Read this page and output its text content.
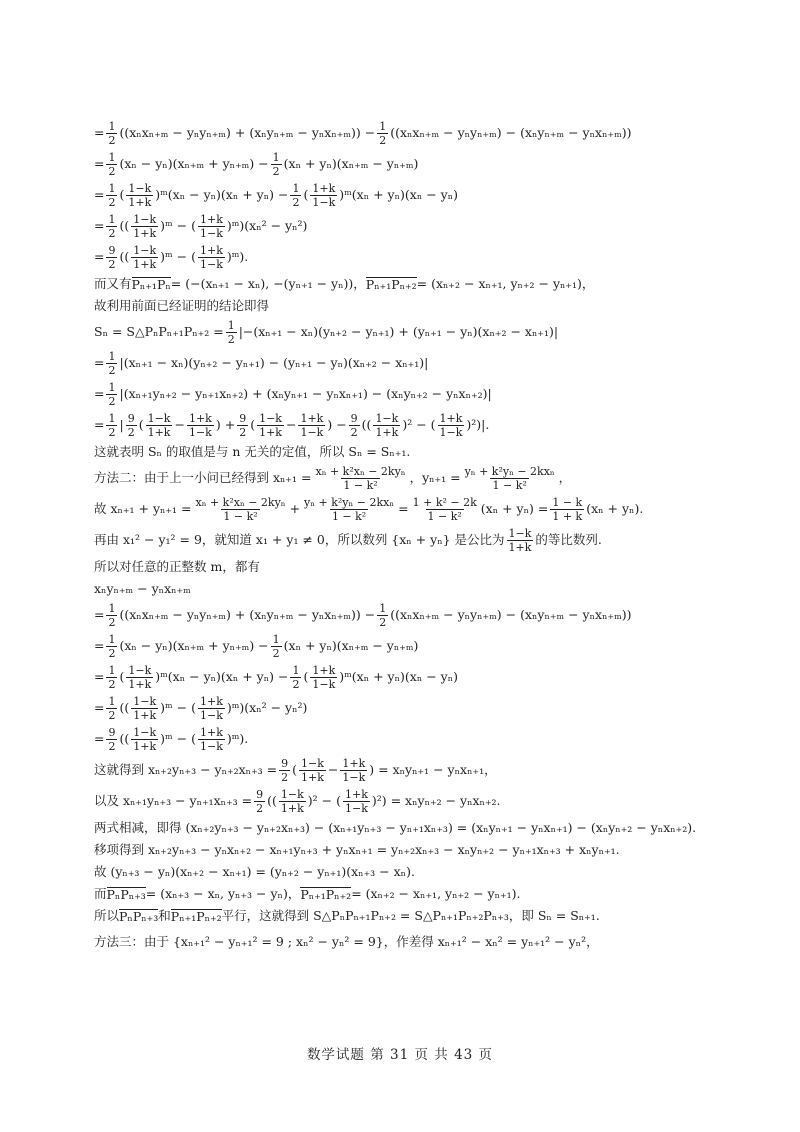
= $\frac{1}{2} ((x_nx_{n+m} - y_ny_{n+m}) + (x_ny_{n+m} - y_nx_{n+m})) - \frac{1}{2} ((x_nx_{n+m} - y_ny_{n+m}) - (x_ny_{n+m} - y_nx_{n+m}))$
= $\frac{1}{2} (x_n - y_n)(x_{n+m} + y_{n+m}) - \frac{1}{2} (x_n + y_n)(x_{n+m} - y_{n+m})$
= $\frac{1}{2}$ ( $\frac{1-k}{1+k}$ )ᵐ(xₙ − $y_n)(x_n + y_n) - \frac{1}{2}$ ( $\frac{1+k}{1-k}$ )ᵐ(xₙ + yₙ)(xₙ − yₙ)
= $\frac{1}{2}$ (( $\frac{1-k}{1+k}$ )ᵐ − ( $\frac{1+k}{1-k}$ )ᵐ)(xₙ² − yₙ²)
= $\frac{9}{2}$ (( $\frac{1-k}{1+k}$ )ᵐ − ( $\frac{1+k}{1-k}$ )ᵐ).
而又有 Pₙ₊₁Pₙ = (−(xₙ₊₁ − xₙ), −(yₙ₊₁ − yₙ))， Pₙ₊₁Pₙ₊₂ = (xₙ₊₂ − xₙ₊₁, yₙ₊₂ − yₙ₊₁)，
故利用前面已经证明的结论即得
Sₙ = S△PₙPₙ₊₁Pₙ₊₂ = $\frac{1}{2} |-(x_{n+1} - x_n)(y_{n+2} - y_{n+1}) + (y_{n+1} - y_n)(x_{n+2} - x_{n+1})|$
= $\frac{1}{2} |(x_{n+1} - x_n)(y_{n+2} - y_{n+1}) - (y_{n+1} - y_n)(x_{n+2} - x_{n+1})|$
= $\frac{1}{2} |(x_{n+1}y_{n+2} - y_{n+1}x_{n+2}) + (x_ny_{n+1} - y_nx_{n+1}) - (x_ny_{n+2} - y_nx_{n+2})|$
= $\frac{1}{2}$ | $\frac{9}{2}$ ( $\frac{1-k}{1+k} - \frac{1+k}{1-k}$ ) + $\frac{9}{2}$ ( $\frac{1-k}{1+k} - \frac{1+k}{1-k}$ ) − $\frac{9}{2}$ (( $\frac{1-k}{1+k} )^2$ − ( $\frac{1+k}{1-k} )^2)|$.
这就表明 Sₙ 的取值是与 n 无关的定值，所以 Sₙ = Sₙ₊₁.
方法二：由于上一小问已经得到 $x_{n+1} = \frac{\text{xₙ + k²xₙ − 2kyₙ}}{\text{1 − k²}}$ ，$y_{n+1} = \frac{\text{yₙ + k²yₙ − 2kxₙ}}{\text{1 − k²}}$ ，
故 $x_{n+1} + y_{n+1} = \frac{\text{xₙ + k²xₙ − 2kyₙ}}{\text{1 − k²}} + \frac{\text{yₙ + k²yₙ − 2kxₙ}}{\text{1 − k²}} = \frac{\text{1 + k² − 2k}}{\text{1 − k²}} (x_n + y_n) = \frac{1 - k}{1 + k} (x_n + y_n)$.
再由 x₁² − y₁² = 9，就知道 x₁ + y₁ ≠ 0，所以数列 {xₙ + yₙ} 是公比为 $\frac{1-k}{1+k}$ 的等比数列.
所以对任意的正整数 m，都有
xₙyₙ₊ₘ − yₙxₙ₊ₘ
= $\frac{1}{2} ((x_nx_{n+m} - y_ny_{n+m}) + (x_ny_{n+m} - y_nx_{n+m})) - \frac{1}{2} ((x_nx_{n+m} - y_ny_{n+m}) - (x_ny_{n+m} - y_nx_{n+m}))$
= $\frac{1}{2} (x_n - y_n)(x_{n+m} + y_{n+m}) - \frac{1}{2} (x_n + y_n)(x_{n+m} - y_{n+m})$
= $\frac{1}{2}$ ( $\frac{1-k}{1+k}$ )ᵐ(xₙ − $y_n)(x_n + y_n) - \frac{1}{2}$ ( $\frac{1+k}{1-k}$ )ᵐ(xₙ + yₙ)(xₙ − yₙ)
= $\frac{1}{2}$ (( $\frac{1-k}{1+k}$ )ᵐ − ( $\frac{1+k}{1-k}$ )ᵐ)(xₙ² − yₙ²)
= $\frac{9}{2}$ (( $\frac{1-k}{1+k}$ )ᵐ − ( $\frac{1+k}{1-k}$ )ᵐ).
这就得到 $x_{n+2}y_{n+3} - y_{n+2}x_{n+3} = \frac{9}{2}$ ( $\frac{1-k}{1+k} - \frac{1+k}{1-k}$ ) = xₙyₙ₊₁ − yₙxₙ₊₁，
以及 $x_{n+1}y_{n+3} - y_{n+1}x_{n+3} = \frac{9}{2}$ (( $\frac{1-k}{1+k} )^2$ − ( $\frac{1+k}{1-k} )^2) = x_ny_{n+2} - y_nx_{n+2}$.
两式相减，即得 (xₙ₊₂yₙ₊₃ − yₙ₊₂xₙ₊₃) − (xₙ₊₁yₙ₊₃ − yₙ₊₁xₙ₊₃) = (xₙyₙ₊₁ − yₙxₙ₊₁) − (xₙyₙ₊₂ − yₙxₙ₊₂).
移项得到 xₙ₊₂yₙ₊₃ − yₙxₙ₊₂ − xₙ₊₁yₙ₊₃ + yₙxₙ₊₁ = yₙ₊₂xₙ₊₃ − xₙyₙ₊₂ − yₙ₊₁xₙ₊₃ + xₙyₙ₊₁.
故 (yₙ₊₃ − yₙ)(xₙ₊₂ − xₙ₊₁) = (yₙ₊₂ − yₙ₊₁)(xₙ₊₃ − xₙ).
而 PₙPₙ₊₃ = (xₙ₊₃ − xₙ, yₙ₊₃ − yₙ)， Pₙ₊₁Pₙ₊₂ = (xₙ₊₂ − xₙ₊₁, yₙ₊₂ − yₙ₊₁).
所以 PₙPₙ₊₃ 和 Pₙ₊₁Pₙ₊₂ 平行，这就得到 S△PₙPₙ₊₁Pₙ₊₂ = S△Pₙ₊₁Pₙ₊₂Pₙ₊₃，即 Sₙ = Sₙ₊₁.
方法三：由于 {xₙ₊₁² − yₙ₊₁² = 9 ; xₙ² − yₙ² = 9}，作差得 xₙ₊₁² − xₙ² = yₙ₊₁² − yₙ²，
数学试题 第 31 页 共 43 页
